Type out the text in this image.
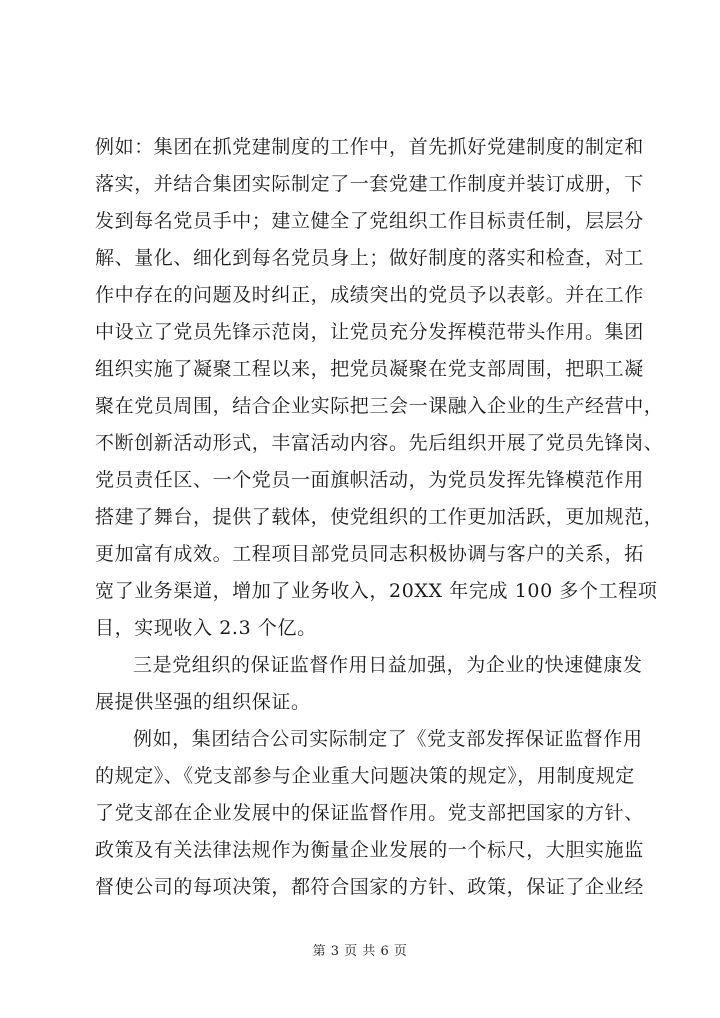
例如：集团在抓党建制度的工作中，首先抓好党建制度的制定和
落实，并结合集团实际制定了一套党建工作制度并装订成册，下
发到每名党员手中；建立健全了党组织工作目标责任制，层层分
解、量化、细化到每名党员身上；做好制度的落实和检查，对工
作中存在的问题及时纠正，成绩突出的党员予以表彰。并在工作
中设立了党员先锋示范岗，让党员充分发挥模范带头作用。集团
组织实施了凝聚工程以来，把党员凝聚在党支部周围，把职工凝
聚在党员周围，结合企业实际把三会一课融入企业的生产经营中，
不断创新活动形式，丰富活动内容。先后组织开展了党员先锋岗、
党员责任区、一个党员一面旗帜活动，为党员发挥先锋模范作用
搭建了舞台，提供了载体，使党组织的工作更加活跃，更加规范，
更加富有成效。工程项目部党员同志积极协调与客户的关系，拓
宽了业务渠道，增加了业务收入，20XX 年完成 100 多个工程项
目，实现收入 2.3 个亿。
三是党组织的保证监督作用日益加强，为企业的快速健康发
展提供坚强的组织保证。
例如，集团结合公司实际制定了《党支部发挥保证监督作用
的规定》、《党支部参与企业重大问题决策的规定》，用制度规定
了党支部在企业发展中的保证监督作用。党支部把国家的方针、
政策及有关法律法规作为衡量企业发展的一个标尺，大胆实施监
督使公司的每项决策，都符合国家的方针、政策，保证了企业经
第 3 页 共 6 页
